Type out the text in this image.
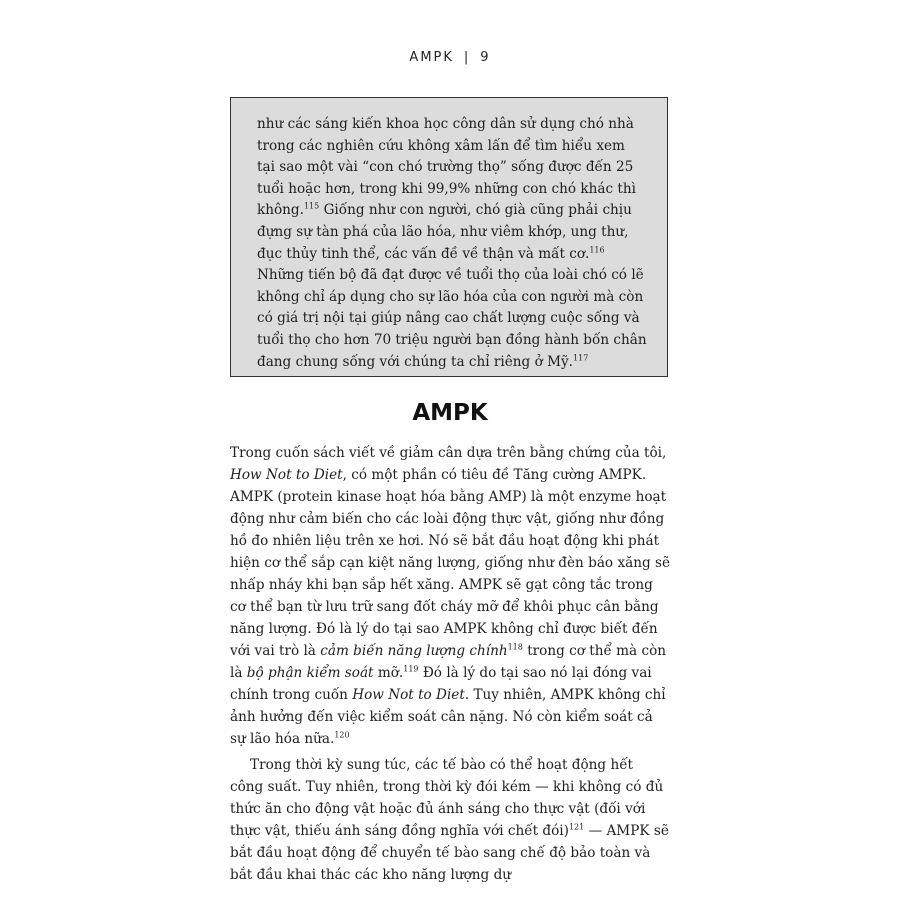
AMPK | 9

như các sáng kiến khoa học công dân sử dụng chó nhà trong các nghiên cứu không xâm lấn để tìm hiểu xem tại sao một vài “con chó trường thọ” sống được đến 25 tuổi hoặc hơn, trong khi 99,9% những con chó khác thì không.$^{115}$ Giống như con người, chó già cũng phải chịu đựng sự tàn phá của lão hóa, như viêm khớp, ung thư, đục thủy tinh thể, các vấn đề về thận và mất cơ.$^{116}$ Những tiến bộ đã đạt được về tuổi thọ của loài chó có lẽ không chỉ áp dụng cho sự lão hóa của con người mà còn có giá trị nội tại giúp nâng cao chất lượng cuộc sống và tuổi thọ cho hơn 70 triệu người bạn đồng hành bốn chân đang chung sống với chúng ta chỉ riêng ở Mỹ.$^{117}$

AMPK

Trong cuốn sách viết về giảm cân dựa trên bằng chứng của tôi, How Not to Diet, có một phần có tiêu đề Tăng cường AMPK. AMPK (protein kinase hoạt hóa bằng AMP) là một enzyme hoạt động như cảm biến cho các loài động thực vật, giống như đồng hồ đo nhiên liệu trên xe hơi. Nó sẽ bắt đầu hoạt động khi phát hiện cơ thể sắp cạn kiệt năng lượng, giống như đèn báo xăng sẽ nhấp nháy khi bạn sắp hết xăng. AMPK sẽ gạt công tắc trong cơ thể bạn từ lưu trữ sang đốt cháy mỡ để khôi phục cân bằng năng lượng. Đó là lý do tại sao AMPK không chỉ được biết đến với vai trò là cảm biến năng lượng chính$^{118}$ trong cơ thể mà còn là bộ phận kiểm soát mỡ.$^{119}$ Đó là lý do tại sao nó lại đóng vai chính trong cuốn How Not to Diet. Tuy nhiên, AMPK không chỉ ảnh hưởng đến việc kiểm soát cân nặng. Nó còn kiểm soát cả sự lão hóa nữa.$^{120}$

Trong thời kỳ sung túc, các tế bào có thể hoạt động hết công suất. Tuy nhiên, trong thời kỳ đói kém — khi không có đủ thức ăn cho động vật hoặc đủ ánh sáng cho thực vật (đối với thực vật, thiếu ánh sáng đồng nghĩa với chết đói)$^{121}$ — AMPK sẽ bắt đầu hoạt động để chuyển tế bào sang chế độ bảo toàn và bắt đầu khai thác các kho năng lượng dự
